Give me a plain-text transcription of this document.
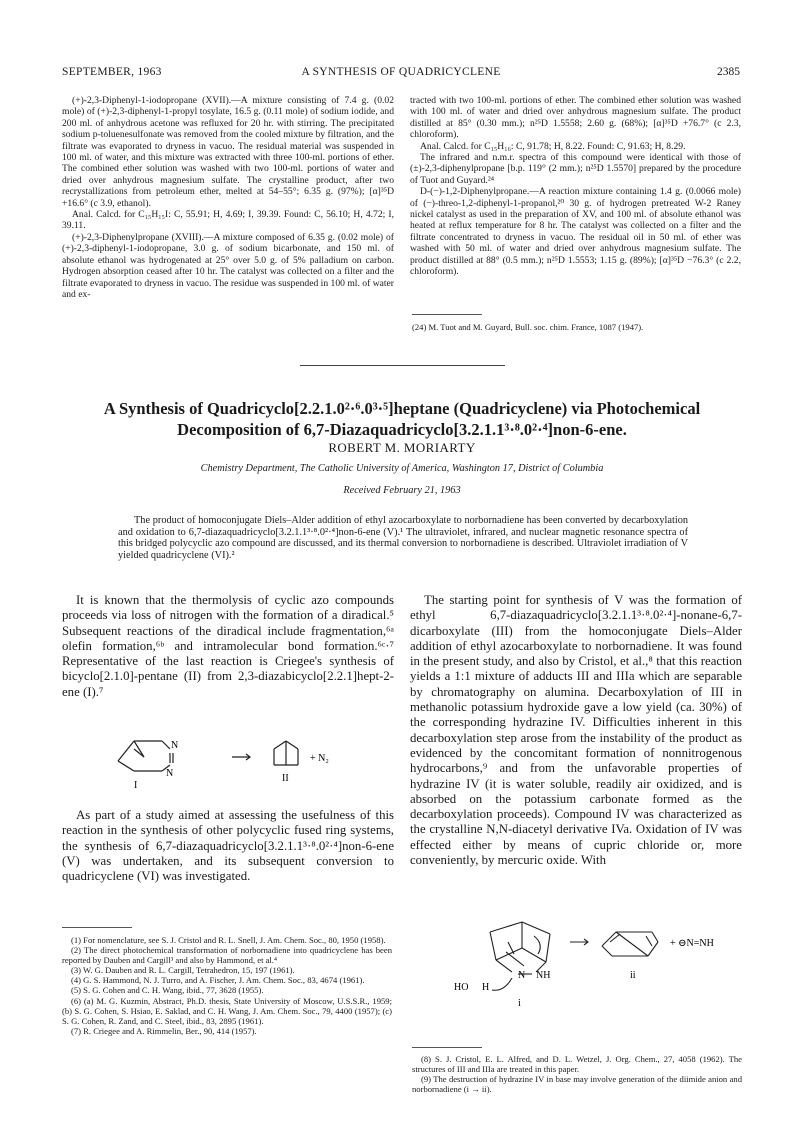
SEPTEMBER, 1963	A SYNTHESIS OF QUADRICYCLENE	2385

(+)-2,3-Diphenyl-1-iodopropane (XVII).—A mixture consisting of 7.4 g. (0.02 mole) of (+)-2,3-diphenyl-1-propyl tosylate, 16.5 g. (0.11 mole) of sodium iodide, and 200 ml. of anhydrous acetone was refluxed for 20 hr. with stirring. The precipitated sodium p-toluenesulfonate was removed from the cooled mixture by filtration, and the filtrate was evaporated to dryness in vacuo. The residual material was suspended in 100 ml. of water, and this mixture was extracted with three 100-ml. portions of ether. The combined ether solution was washed with two 100-ml. portions of water and dried over anhydrous magnesium sulfate. The crystalline product, after two recrystallizations from petroleum ether, melted at 54–55°; 6.35 g. (97%); [α]³⁵D +16.6° (c 3.9, ethanol).

Anal. Calcd. for C₁₅H₁₅I: C, 55.91; H, 4.69; I, 39.39. Found: C, 56.10; H, 4.72; I, 39.11.

(+)-2,3-Diphenylpropane (XVIII).—A mixture composed of 6.35 g. (0.02 mole) of (+)-2,3-diphenyl-1-iodopropane, 3.0 g. of sodium bicarbonate, and 150 ml. of absolute ethanol was hydrogenated at 25° over 5.0 g. of 5% palladium on carbon. Hydrogen absorption ceased after 10 hr. The catalyst was collected on a filter and the filtrate evaporated to dryness in vacuo. The residue was suspended in 100 ml. of water and ex-

tracted with two 100-ml. portions of ether. The combined ether solution was washed with 100 ml. of water and dried over anhydrous magnesium sulfate. The product distilled at 85° (0.30 mm.); n²⁵D 1.5558; 2.60 g. (68%); [α]³⁵D +76.7° (c 2.3, chloroform).

Anal. Calcd. for C₁₅H₁₆: C, 91.78; H, 8.22. Found: C, 91.63; H, 8.29.

The infrared and n.m.r. spectra of this compound were identical with those of (±)-2,3-diphenylpropane [b.p. 119° (2 mm.); n²⁵D 1.5570] prepared by the procedure of Tuot and Guyard.²⁴

D-(−)-1,2-Diphenylpropane.—A reaction mixture containing 1.4 g. (0.0066 mole) of (−)-threo-1,2-diphenyl-1-propanol,²⁰ 30 g. of hydrogen pretreated W-2 Raney nickel catalyst as used in the preparation of XV, and 100 ml. of absolute ethanol was heated at reflux temperature for 8 hr. The catalyst was collected on a filter and the filtrate concentrated to dryness in vacuo. The residual oil in 50 ml. of ether was washed with 50 ml. of water and dried over anhydrous magnesium sulfate. The product distilled at 88° (0.5 mm.); n²⁵D 1.5553; 1.15 g. (89%); [α]³⁵D −76.3° (c 2.2, chloroform).

(24) M. Tuot and M. Guyard, Bull. soc. chim. France, 1087 (1947).
A Synthesis of Quadricyclo[2.2.1.0²·⁶.0³·⁵]heptane (Quadricyclene) via Photochemical
Decomposition of 6,7-Diazaquadricyclo[3.2.1.1³·⁸.0²·⁴]non-6-ene.
ROBERT M. MORIARTY
Chemistry Department, The Catholic University of America, Washington 17, District of Columbia
Received February 21, 1963

The product of homoconjugate Diels–Alder addition of ethyl azocarboxylate to norbornadiene has been converted by decarboxylation and oxidation to 6,7-diazaquadricyclo[3.2.1.1³·⁸.0²·⁴]non-6-ene (V).¹ The ultraviolet, infrared, and nuclear magnetic resonance spectra of this bridged polycyclic azo compound are discussed, and its thermal conversion to norbornadiene is described. Ultraviolet irradiation of V yielded quadricyclene (VI).²

It is known that the thermolysis of cyclic azo compounds proceeds via loss of nitrogen with the formation of a diradical.⁵ Subsequent reactions of the diradical include fragmentation,⁶ᵃ olefin formation,⁶ᵇ and intramolecular bond formation.⁶ᶜ·⁷ Representative of the last reaction is Criegee's synthesis of bicyclo[2.1.0]-pentane (II) from 2,3-diazabicyclo[2.2.1]hept-2-ene (I).⁷

N
N
I
II
+ N₂

As part of a study aimed at assessing the usefulness of this reaction in the synthesis of other polycyclic fused ring systems, the synthesis of 6,7-diazaquadricyclo[3.2.1.1³·⁸.0²·⁴]non-6-ene (V) was undertaken, and its subsequent conversion to quadricyclene (VI) was investigated.

The starting point for synthesis of V was the formation of ethyl 6,7-diazaquadricyclo[3.2.1.1³·⁸.0²·⁴]-nonane-6,7-dicarboxylate (III) from the homoconjugate Diels–Alder addition of ethyl azocarboxylate to norbornadiene. It was found in the present study, and also by Cristol, et al.,⁸ that this reaction yields a 1:1 mixture of adducts III and IIIa which are separable by chromatography on alumina. Decarboxylation of III in methanolic potassium hydroxide gave a low yield (ca. 30%) of the corresponding hydrazine IV. Difficulties inherent in this decarboxylation step arose from the instability of the product as evidenced by the concomitant formation of nonnitrogenous hydrocarbons,⁹ and from the unfavorable properties of hydrazine IV (it is water soluble, readily air oxidized, and is absorbed on the potassium carbonate formed as the decarboxylation proceeds). Compound IV was characterized as the crystalline N,N-diacetyl derivative IVa. Oxidation of IV was effected either by means of cupric chloride or, more conveniently, by mercuric oxide. With

N NH
HO H
i
ii
+ ⊖N=NH

(1) For nomenclature, see S. J. Cristol and R. L. Snell, J. Am. Chem. Soc., 80, 1950 (1958).

(2) The direct photochemical transformation of norbornadiene into quadricyclene has been reported by Dauben and Cargill³ and also by Hammond, et al.⁴

(3) W. G. Dauben and R. L. Cargill, Tetrahedron, 15, 197 (1961).

(4) G. S. Hammond, N. J. Turro, and A. Fischer, J. Am. Chem. Soc., 83, 4674 (1961).

(5) S. G. Cohen and C. H. Wang, ibid., 77, 3628 (1955).

(6) (a) M. G. Kuzmin, Abstract, Ph.D. thesis, State University of Moscow, U.S.S.R., 1959; (b) S. G. Cohen, S. Hsiao, E. Saklad, and C. H. Wang, J. Am. Chem. Soc., 79, 4400 (1957); (c) S. G. Cohen, R. Zand, and C. Steel, ibid., 83, 2895 (1961).

(7) R. Criegee and A. Rimmelin, Ber., 90, 414 (1957).

(8) S. J. Cristol, E. L. Alfred, and D. L. Wetzel, J. Org. Chem., 27, 4058 (1962). The structures of III and IIIa are treated in this paper.

(9) The destruction of hydrazine IV in base may involve generation of the diimide anion and norbornadiene (i → ii).
